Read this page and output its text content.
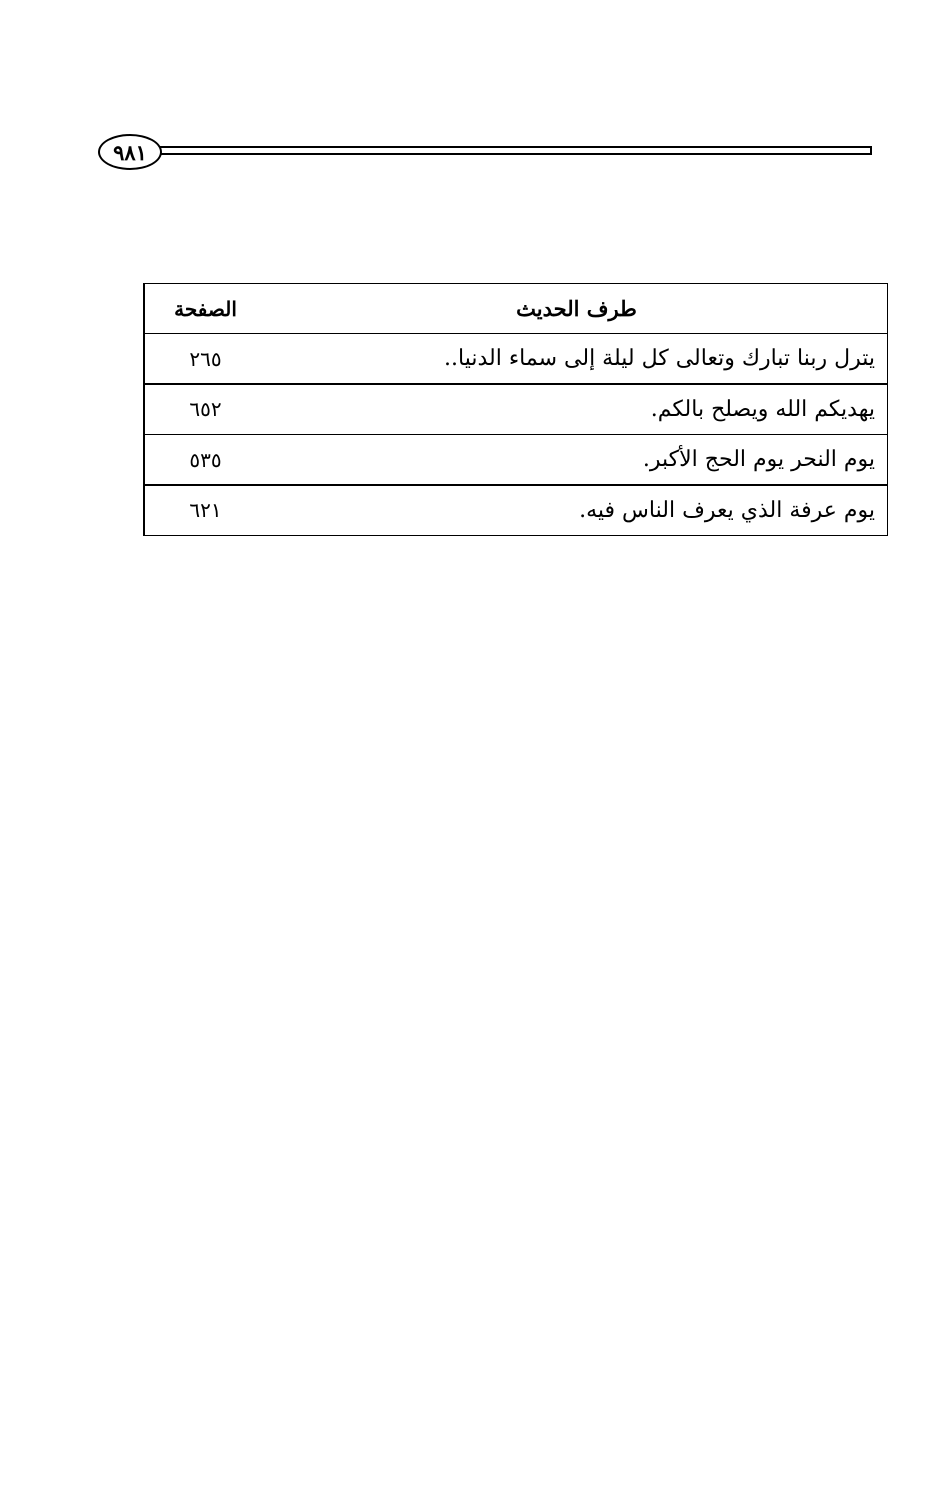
٩٨١
طرف الحديث
الصفحة
يترل ربنا تبارك وتعالى كل ليلة إلى سماء الدنيا..
٢٦٥
يهديكم الله ويصلح بالكم.
٦٥٢
يوم النحر يوم الحج الأكبر.
٥٣٥
يوم عرفة الذي يعرف الناس فيه.
٦٢١
